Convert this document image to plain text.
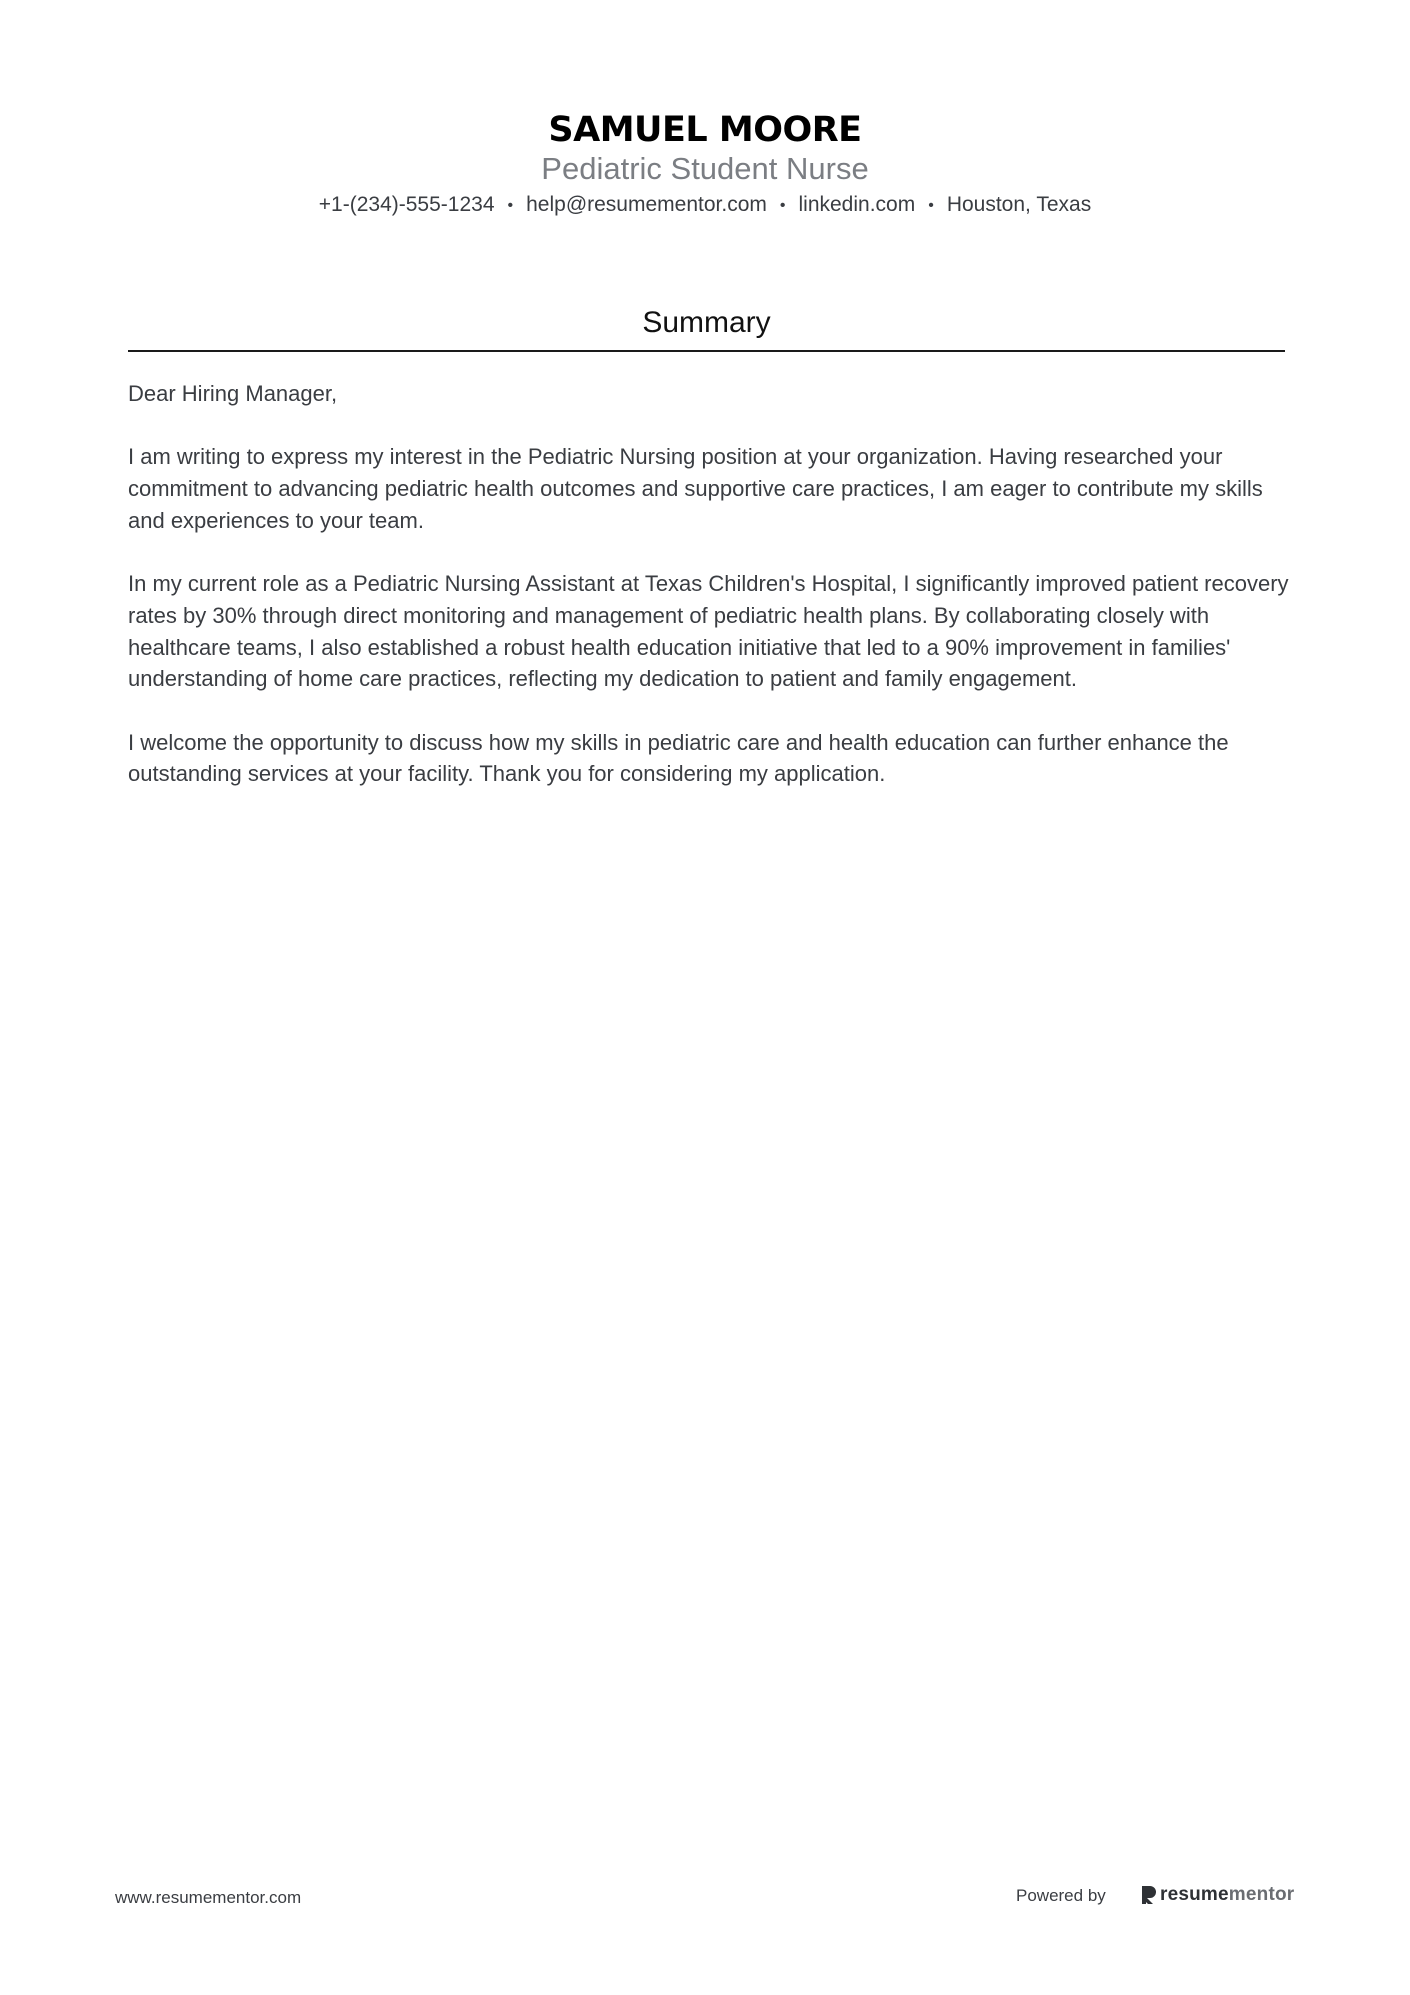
SAMUEL MOORE
Pediatric Student Nurse
+1-(234)-555-1234 • help@resumementor.com • linkedin.com • Houston, Texas
Summary

Dear Hiring Manager,

I am writing to express my interest in the Pediatric Nursing position at your organization. Having researched your commitment to advancing pediatric health outcomes and supportive care practices, I am eager to contribute my skills and experiences to your team.

In my current role as a Pediatric Nursing Assistant at Texas Children's Hospital, I significantly improved patient recovery rates by 30% through direct monitoring and management of pediatric health plans. By collaborating closely with healthcare teams, I also established a robust health education initiative that led to a 90% improvement in families' understanding of home care practices, reflecting my dedication to patient and family engagement.

I welcome the opportunity to discuss how my skills in pediatric care and health education can further enhance the outstanding services at your facility. Thank you for considering my application.

www.resumementor.com	Powered by	resumementor
